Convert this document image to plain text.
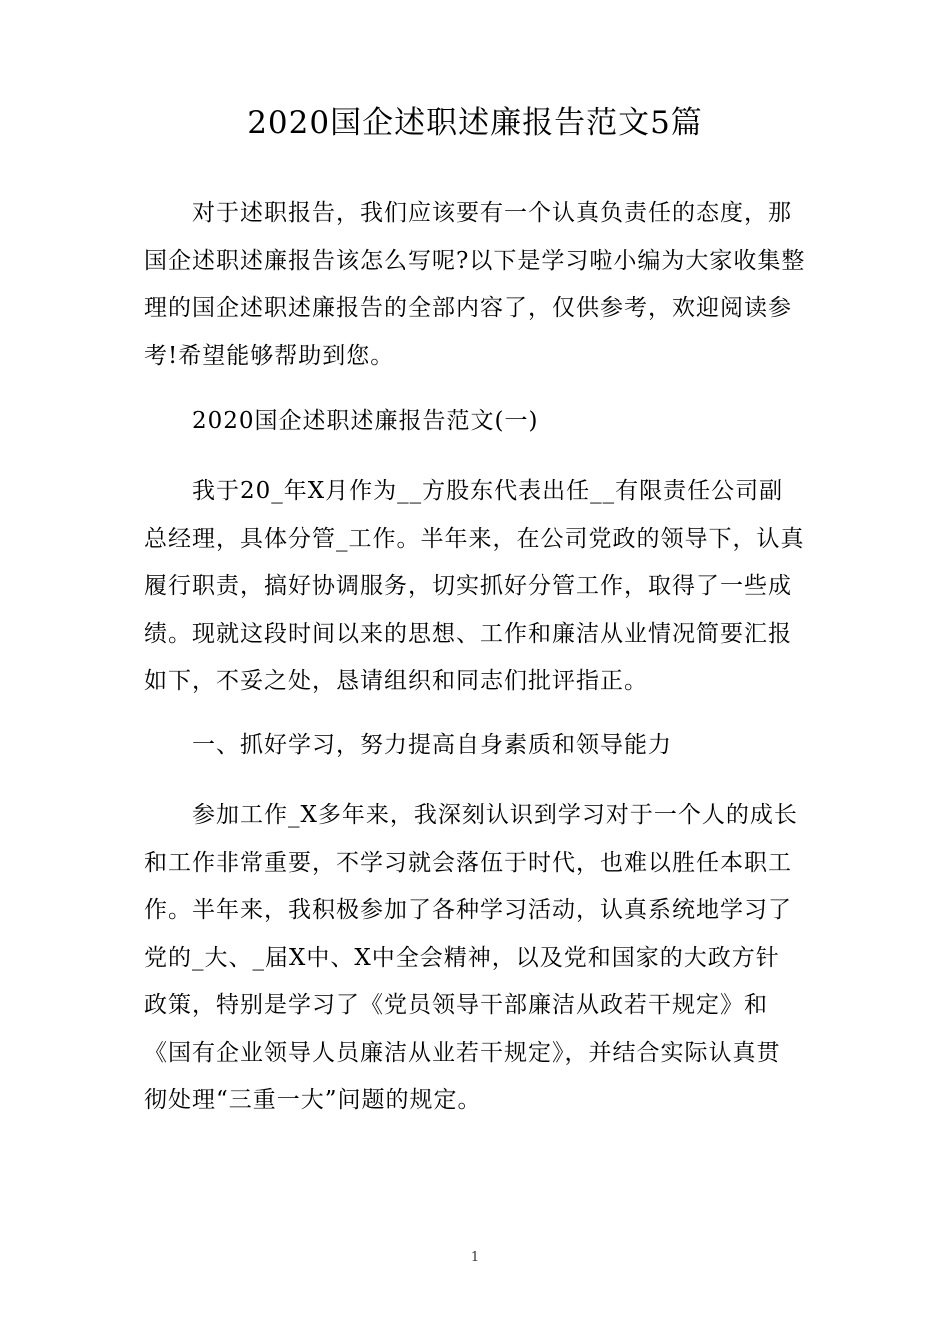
2020国企述职述廉报告范文5篇
对于述职报告，我们应该要有一个认真负责任的态度，那
国企述职述廉报告该怎么写呢?以下是学习啦小编为大家收集整
理的国企述职述廉报告的全部内容了，仅供参考，欢迎阅读参
考!希望能够帮助到您。
2020国企述职述廉报告范文(一)
我于20_年X月作为__方股东代表出任__有限责任公司副
总经理，具体分管_工作。半年来，在公司党政的领导下，认真
履行职责，搞好协调服务，切实抓好分管工作，取得了一些成
绩。现就这段时间以来的思想、工作和廉洁从业情况简要汇报
如下，不妥之处，恳请组织和同志们批评指正。
一、抓好学习，努力提高自身素质和领导能力
参加工作_X多年来，我深刻认识到学习对于一个人的成长
和工作非常重要，不学习就会落伍于时代，也难以胜任本职工
作。半年来，我积极参加了各种学习活动，认真系统地学习了
党的_大、_届X中、X中全会精神，以及党和国家的大政方针
政策，特别是学习了《党员领导干部廉洁从政若干规定》和
《国有企业领导人员廉洁从业若干规定》，并结合实际认真贯
彻处理“三重一大”问题的规定。
1
